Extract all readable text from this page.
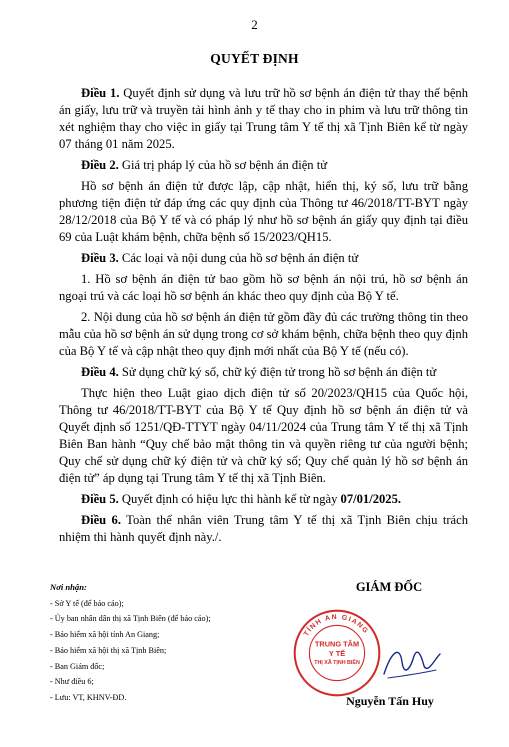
2
QUYẾT ĐỊNH

Điều 1. Quyết định sử dụng và lưu trữ hồ sơ bệnh án điện tử thay thế bệnh án giấy, lưu trữ và truyền tải hình ảnh y tế thay cho in phim và lưu trữ thông tin xét nghiệm thay cho việc in giấy tại Trung tâm Y tế thị xã Tịnh Biên kể từ ngày 07 tháng 01 năm 2025.

Điều 2. Giá trị pháp lý của hồ sơ bệnh án điện tử

Hồ sơ bệnh án điện tử được lập, cập nhật, hiển thị, ký số, lưu trữ bằng phương tiện điện tử đáp ứng các quy định của Thông tư 46/2018/TT-BYT ngày 28/12/2018 của Bộ Y tế và có pháp lý như hồ sơ bệnh án giấy quy định tại điều 69 của Luật khám bệnh, chữa bệnh số 15/2023/QH15.

Điều 3. Các loại và nội dung của hồ sơ bệnh án điện tử

1. Hồ sơ bệnh án điện tử bao gồm hồ sơ bệnh án nội trú, hồ sơ bệnh án ngoại trú và các loại hồ sơ bệnh án khác theo quy định của Bộ Y tế.

2. Nội dung của hồ sơ bệnh án điện tử gồm đầy đủ các trường thông tin theo mẫu của hồ sơ bệnh án sử dụng trong cơ sở khám bệnh, chữa bệnh theo quy định của Bộ Y tế và cập nhật theo quy định mới nhất của Bộ Y tế (nếu có).

Điều 4. Sử dụng chữ ký số, chữ ký điện tử trong hồ sơ bệnh án điện tử

Thực hiện theo Luật giao dịch điện tử số 20/2023/QH15 của Quốc hội, Thông tư 46/2018/TT-BYT của Bộ Y tế Quy định hồ sơ bệnh án điện tử và Quyết định số 1251/QĐ-TTYT ngày 04/11/2024 của Trung tâm Y tế thị xã Tịnh Biên Ban hành “Quy chế bảo mật thông tin và quyền riêng tư của người bệnh; Quy chế sử dụng chữ ký điện tử và chữ ký số; Quy chế quản lý hồ sơ bệnh án điện tử” áp dụng tại Trung tâm Y tế thị xã Tịnh Biên.

Điều 5. Quyết định có hiệu lực thi hành kể từ ngày 07/01/2025.

Điều 6. Toàn thể nhân viên Trung tâm Y tế thị xã Tịnh Biên chịu trách nhiệm thi hành quyết định này./.

Nơi nhận:
- Sở Y tế (để báo cáo);
- Ủy ban nhân dân thị xã Tịnh Biên (để báo cáo);
- Bảo hiểm xã hội tỉnh An Giang;
- Bảo hiểm xã hội thị xã Tịnh Biên;
- Ban Giám đốc;
- Như điều 6;
- Lưu: VT, KHNV-ĐD.
GIÁM ĐỐC
TỈNH AN GIANG
TRUNG TÂM
Y TẾ
THỊ XÃ TỊNH BIÊN
Nguyễn Tấn Huy
